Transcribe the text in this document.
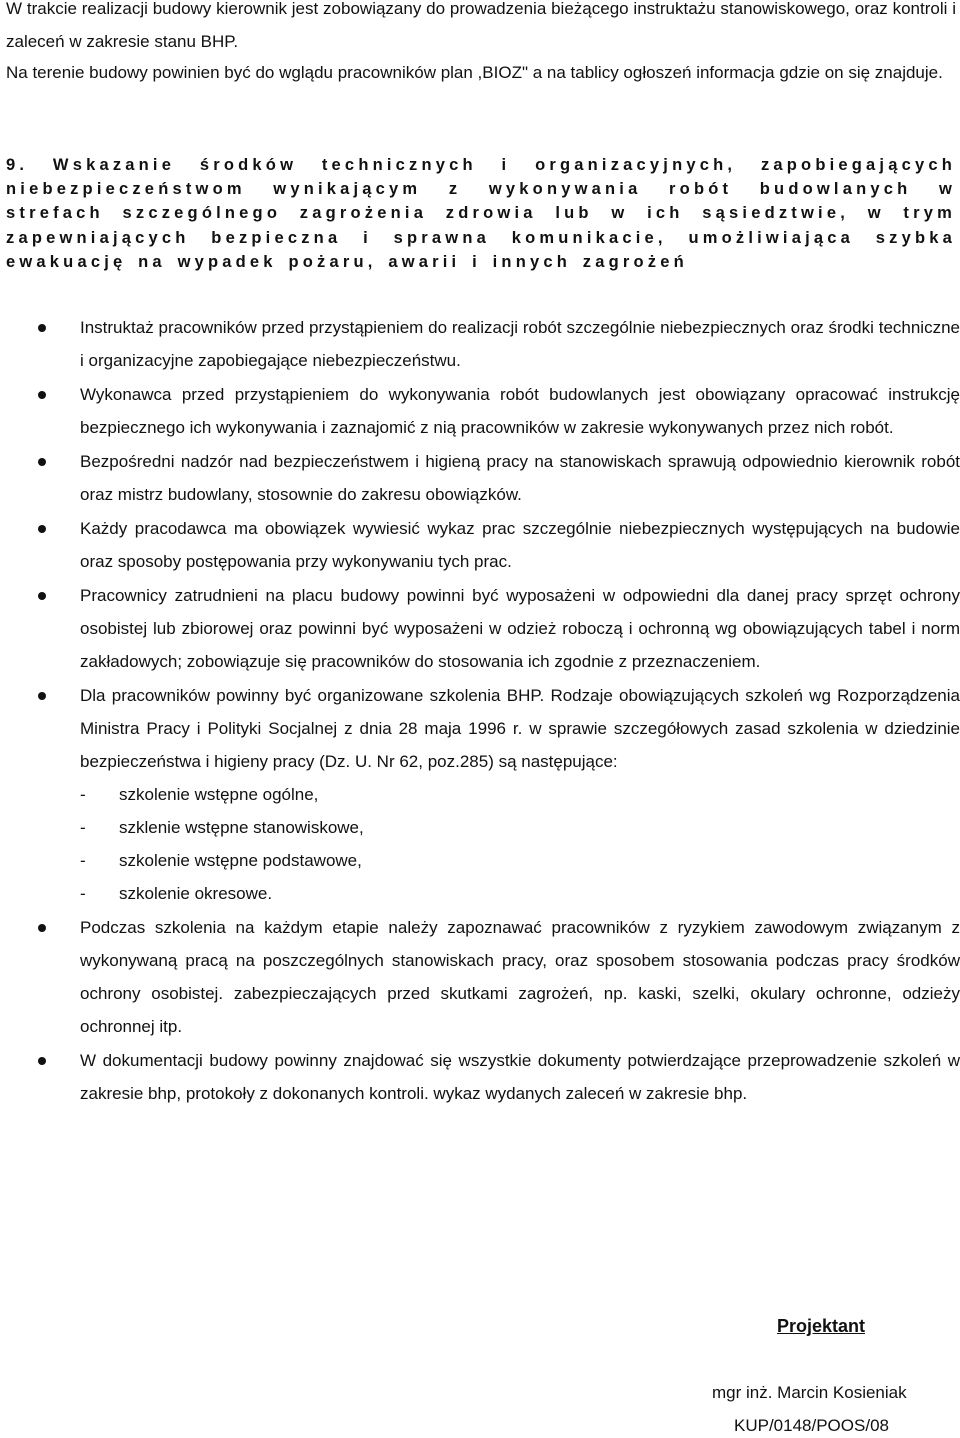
W trakcie realizacji budowy kierownik jest zobowiązany do prowadzenia bieżącego instruktażu stanowiskowego, oraz kontroli i zaleceń w zakresie stanu BHP.
Na terenie budowy powinien być do wglądu pracowników plan ,BIOZ" a na tablicy ogłoszeń informacja gdzie on się znajduje.
9. Wskazanie środków technicznych i organizacyjnych, zapobiegających niebezpieczeństwom wynikającym z wykonywania robót budowlanych w strefach szczególnego zagrożenia zdrowia lub w ich sąsiedztwie, w trym zapewniających bezpieczna i sprawna komunikacie, umożliwiająca szybka ewakuację na wypadek pożaru, awarii i innych zagrożeń
Instruktaż pracowników przed przystąpieniem do realizacji robót szczególnie niebezpiecznych oraz środki techniczne i organizacyjne zapobiegające niebezpieczeństwu.
Wykonawca przed przystąpieniem do wykonywania robót budowlanych jest obowiązany opracować instrukcję bezpiecznego ich wykonywania i zaznajomić z nią pracowników w zakresie wykonywanych przez nich robót.
Bezpośredni nadzór nad bezpieczeństwem i higieną pracy na stanowiskach sprawują odpowiednio kierownik robót oraz mistrz budowlany, stosownie do zakresu obowiązków.
Każdy pracodawca ma obowiązek wywiesić wykaz prac szczególnie niebezpiecznych występujących na budowie oraz sposoby postępowania przy wykonywaniu tych prac.
Pracownicy zatrudnieni na placu budowy powinni być wyposażeni w odpowiedni dla danej pracy sprzęt ochrony osobistej lub zbiorowej oraz powinni być wyposażeni w odzież roboczą i ochronną wg obowiązujących tabel i norm zakładowych; zobowiązuje się pracowników do stosowania ich zgodnie z przeznaczeniem.
Dla pracowników powinny być organizowane szkolenia BHP. Rodzaje obowiązujących szkoleń wg Rozporządzenia Ministra Pracy i Polityki Socjalnej z dnia 28 maja 1996 r. w sprawie szczegółowych zasad szkolenia w dziedzinie bezpieczeństwa i higieny pracy (Dz. U. Nr 62, poz.285) są następujące:
- szkolenie wstępne ogólne,
- szklenie wstępne stanowiskowe,
- szkolenie wstępne podstawowe,
- szkolenie okresowe.
Podczas szkolenia na każdym etapie należy zapoznawać pracowników z ryzykiem zawodowym związanym z wykonywaną pracą na poszczególnych stanowiskach pracy, oraz sposobem stosowania podczas pracy środków ochrony osobistej. zabezpieczających przed skutkami zagrożeń, np. kaski, szelki, okulary ochronne, odzieży ochronnej itp.
W dokumentacji budowy powinny znajdować się wszystkie dokumenty potwierdzające przeprowadzenie szkoleń w zakresie bhp, protokoły z dokonanych kontroli. wykaz wydanych zaleceń w zakresie bhp.
Projektant
mgr inż. Marcin Kosieniak
KUP/0148/POOS/08
